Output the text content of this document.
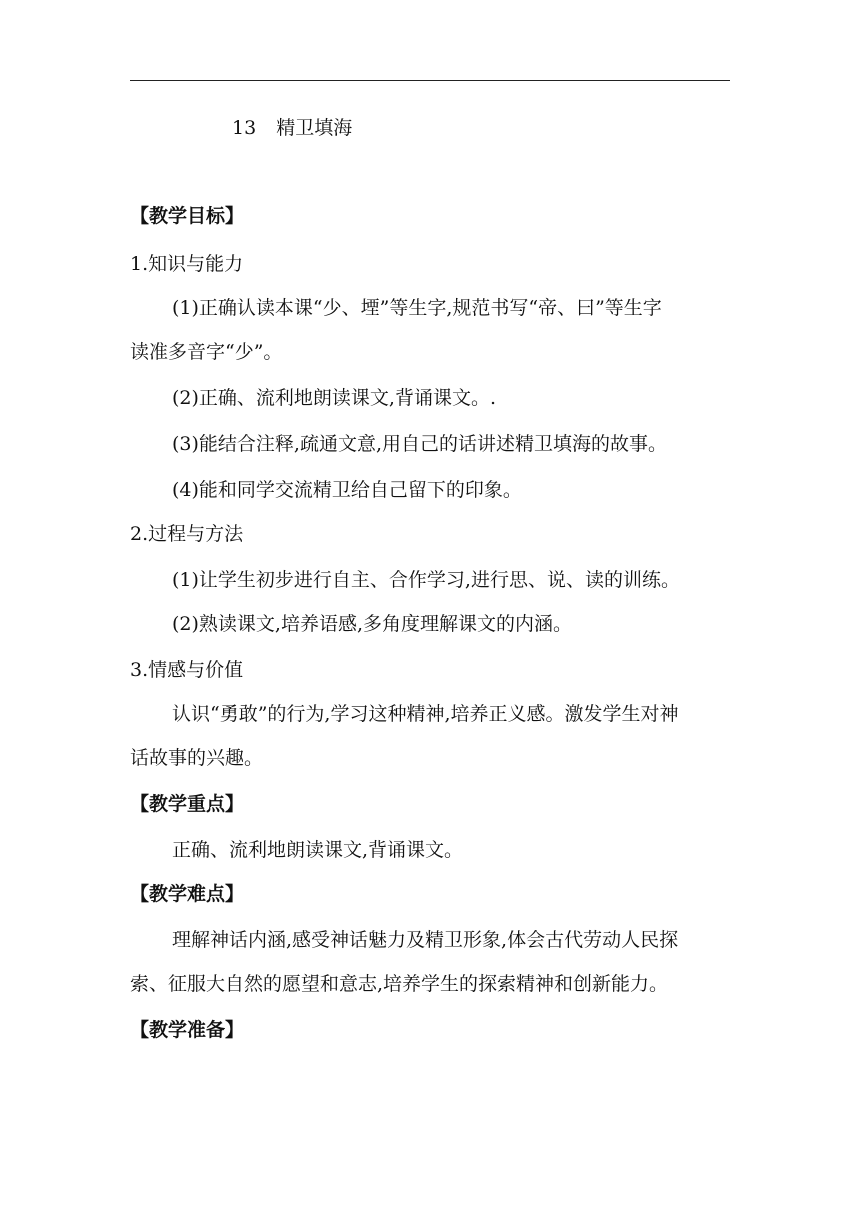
13 精卫填海
【教学目标】
1.知识与能力
(1)正确认读本课“少、堙”等生字,规范书写“帝、曰”等生字
读准多音字“少”。
(2)正确、流利地朗读课文,背诵课文。.
(3)能结合注释,疏通文意,用自己的话讲述精卫填海的故事。
(4)能和同学交流精卫给自己留下的印象。
2.过程与方法
(1)让学生初步进行自主、合作学习,进行思、说、读的训练。
(2)熟读课文,培养语感,多角度理解课文的内涵。
3.情感与价值
认识“勇敢”的行为,学习这种精神,培养正义感。激发学生对神
话故事的兴趣。
【教学重点】
正确、流利地朗读课文,背诵课文。
【教学难点】
理解神话内涵,感受神话魅力及精卫形象,体会古代劳动人民探
索、征服大自然的愿望和意志,培养学生的探索精神和创新能力。
【教学准备】
